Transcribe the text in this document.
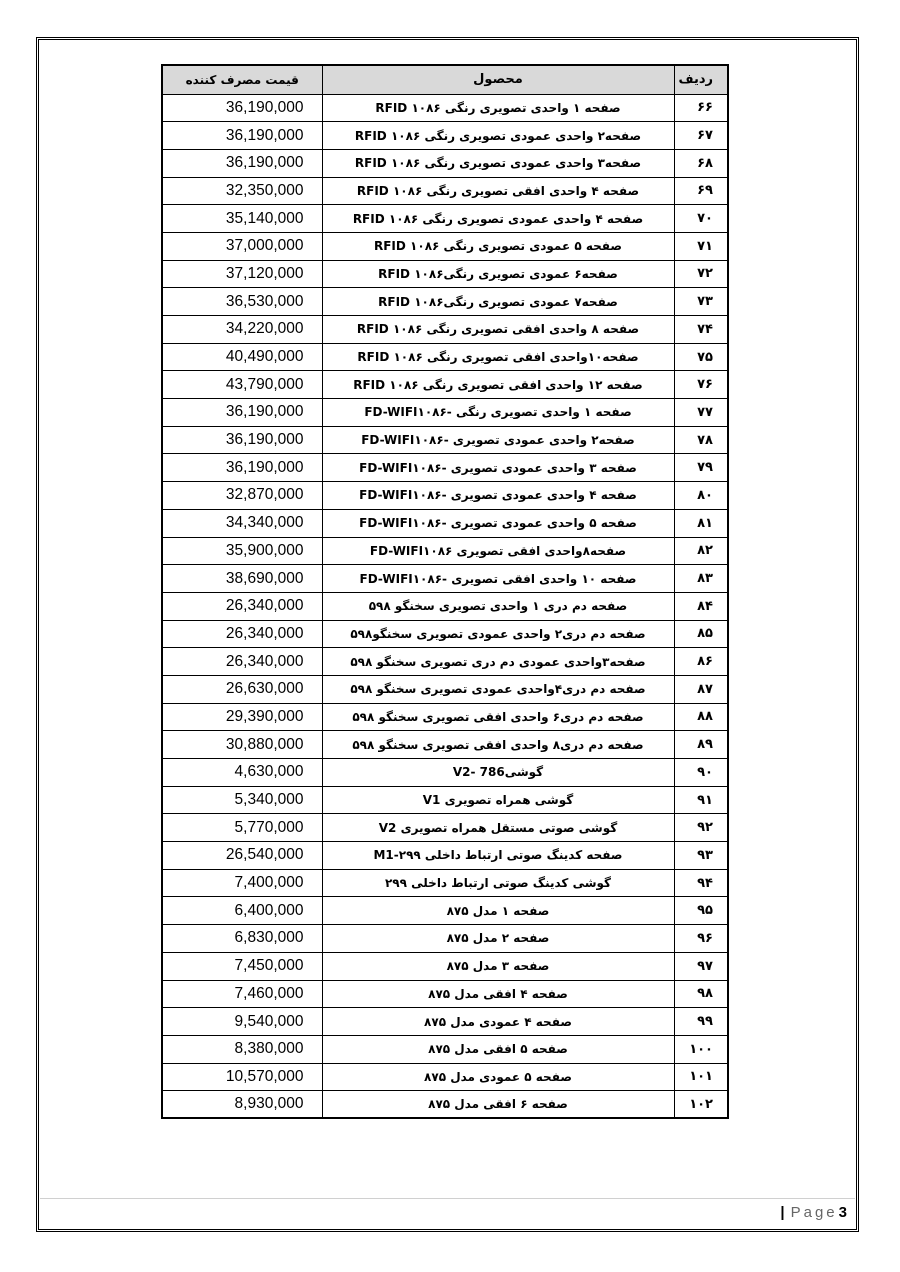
قیمت مصرف کننده	محصول	ردیف
36,190,000	صفحه ۱ واحدی تصویری رنگی ۱۰۸۶ RFID	۶۶
36,190,000	صفحه۲ واحدی عمودی تصویری رنگی ۱۰۸۶ RFID	۶۷
36,190,000	صفحه۳ واحدی عمودی تصویری رنگی ۱۰۸۶ RFID	۶۸
32,350,000	صفحه ۴ واحدی افقی تصویری رنگی ۱۰۸۶ RFID	۶۹
35,140,000	صفحه ۴ واحدی عمودی تصویری رنگی ۱۰۸۶ RFID	۷۰
37,000,000	صفحه ۵ عمودی تصویری رنگی ۱۰۸۶ RFID	۷۱
37,120,000	صفحه۶ عمودی تصویری رنگی۱۰۸۶ RFID	۷۲
36,530,000	صفحه۷ عمودی تصویری رنگی۱۰۸۶ RFID	۷۳
34,220,000	صفحه ۸ واحدی افقی تصویری رنگی ۱۰۸۶ RFID	۷۴
40,490,000	صفحه۱۰واحدی افقی تصویری رنگی ۱۰۸۶ RFID	۷۵
43,790,000	صفحه ۱۲ واحدی افقی تصویری رنگی ۱۰۸۶ RFID	۷۶
36,190,000	صفحه ۱ واحدی تصویری رنگی -FD-WIFI۱۰۸۶	۷۷
36,190,000	صفحه۲ واحدی عمودی تصویری -FD-WIFI۱۰۸۶	۷۸
36,190,000	صفحه ۳ واحدی عمودی تصویری -FD-WIFI۱۰۸۶	۷۹
32,870,000	صفحه ۴ واحدی عمودی تصویری -FD-WIFI۱۰۸۶	۸۰
34,340,000	صفحه ۵ واحدی عمودی تصویری -FD-WIFI۱۰۸۶	۸۱
35,900,000	صفحه۸واحدی افقی تصویری FD-WIFI۱۰۸۶	۸۲
38,690,000	صفحه ۱۰ واحدی افقی تصویری -FD-WIFI۱۰۸۶	۸۳
26,340,000	صفحه دم دری ۱ واحدی تصویری سخنگو ۵۹۸	۸۴
26,340,000	صفحه دم دری۲ واحدی عمودی تصویری سخنگو۵۹۸	۸۵
26,340,000	صفحه۳واحدی عمودی دم دری تصویری سخنگو ۵۹۸	۸۶
26,630,000	صفحه دم دری۴واحدی عمودی تصویری سخنگو ۵۹۸	۸۷
29,390,000	صفحه دم دری۶ واحدی افقی تصویری سخنگو ۵۹۸	۸۸
30,880,000	صفحه دم دری۸ واحدی افقی تصویری سخنگو ۵۹۸	۸۹
4,630,000	گوشی786 -V2	۹۰
5,340,000	گوشی همراه تصویری V1	۹۱
5,770,000	گوشی صوتی مستقل همراه تصویری V2	۹۲
26,540,000	صفحه کدینگ صوتی ارتباط داخلی ۲۹۹-M1	۹۳
7,400,000	گوشی کدینگ صوتی ارتباط داخلی ۲۹۹	۹۴
6,400,000	صفحه ۱ مدل ۸۷۵	۹۵
6,830,000	صفحه ۲ مدل ۸۷۵	۹۶
7,450,000	صفحه ۳ مدل ۸۷۵	۹۷
7,460,000	صفحه ۴ افقی مدل ۸۷۵	۹۸
9,540,000	صفحه ۴ عمودی مدل ۸۷۵	۹۹
8,380,000	صفحه ۵ افقی مدل ۸۷۵	۱۰۰
10,570,000	صفحه ۵ عمودی مدل ۸۷۵	۱۰۱
8,930,000	صفحه ۶ افقی مدل ۸۷۵	۱۰۲
| Page 3
